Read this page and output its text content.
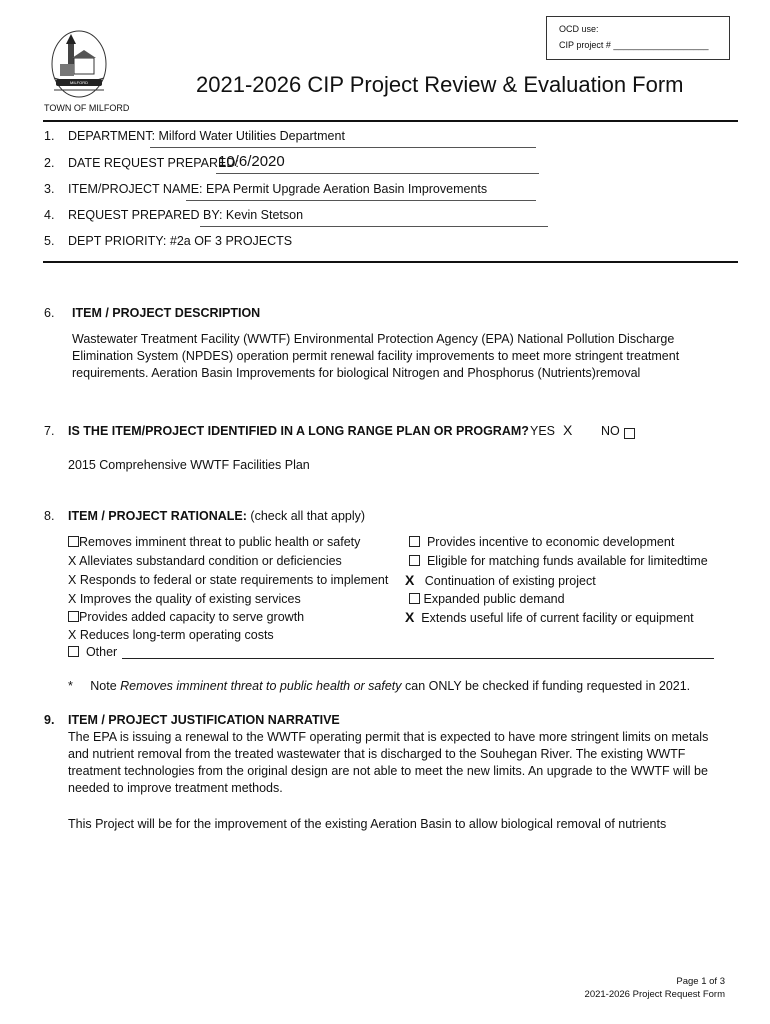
OCD use:
CIP project # ___________________
MILFORD
TOWN OF MILFORD
2021-2026 CIP Project Review & Evaluation Form
1. DEPARTMENT: Milford Water Utilities Department
2. DATE REQUEST PREPARED:
10/6/2020
3. ITEM/PROJECT NAME: EPA Permit Upgrade Aeration Basin Improvements
4. REQUEST PREPARED BY: Kevin Stetson
5. DEPT PRIORITY: #2a OF 3 PROJECTS
6. ITEM / PROJECT DESCRIPTION
Wastewater Treatment Facility (WWTF) Environmental Protection Agency (EPA) National Pollution Discharge
Elimination System (NPDES) operation permit renewal facility improvements to meet more stringent treatment
requirements. Aeration Basin Improvements for biological Nitrogen and Phosphorus (Nutrients)removal
7. IS THE ITEM/PROJECT IDENTIFIED IN A LONG RANGE PLAN OR PROGRAM? YES X NO
2015 Comprehensive WWTF Facilities Plan
8. ITEM / PROJECT RATIONALE: (check all that apply)
Removes imminent threat to public health or safety
X Alleviates substandard condition or deficiencies
X Responds to federal or state requirements to implement
X Improves the quality of existing services
Provides added capacity to serve growth
X Reduces long-term operating costs
Other
Provides incentive to economic development
Eligible for matching funds available for limitedtime
X Continuation of existing project
Expanded public demand
X Extends useful life of current facility or equipment
* Note Removes imminent threat to public health or safety can ONLY be checked if funding requested in 2021.
9. ITEM / PROJECT JUSTIFICATION NARRATIVE
The EPA is issuing a renewal to the WWTF operating permit that is expected to have more stringent limits on metals
and nutrient removal from the treated wastewater that is discharged to the Souhegan River. The existing WWTF
treatment technologies from the original design are not able to meet the new limits. An upgrade to the WWTF will be
needed to improve treatment methods.
This Project will be for the improvement of the existing Aeration Basin to allow biological removal of nutrients
Page 1 of 3
2021-2026 Project Request Form
